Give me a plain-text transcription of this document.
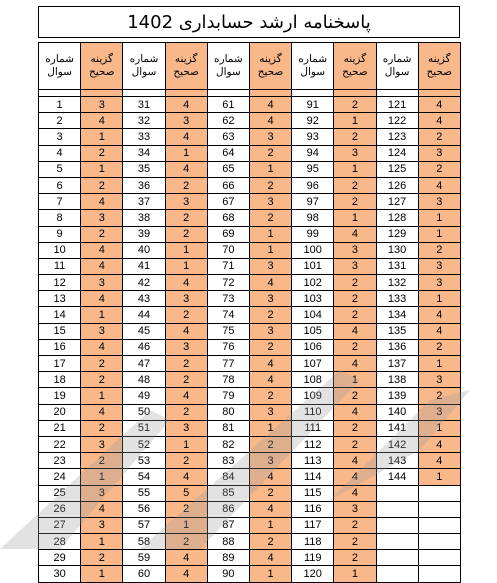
پاسخنامه ارشد حسابداری 1402
شماره سوال	گزینه صحیح	شماره سوال	گزینه صحیح	شماره سوال	گزینه صحیح	شماره سوال	گزینه صحیح	شماره سوال	گزینه صحیح

1	3	31	4	61	4	91	2	121	4
2	4	32	3	62	4	92	1	122	4
3	1	33	4	63	3	93	2	123	2
4	2	34	1	64	2	94	3	124	3
5	1	35	4	65	1	95	1	125	2
6	2	36	2	66	2	96	2	126	4
7	4	37	3	67	3	97	2	127	3
8	3	38	2	68	2	98	1	128	1
9	2	39	2	69	1	99	4	129	1
10	4	40	1	70	1	100	3	130	2
11	4	41	1	71	3	101	3	131	3
12	3	42	4	72	4	102	2	132	3
13	4	43	3	73	3	103	2	133	1
14	1	44	2	74	2	104	2	134	4
15	3	45	4	75	3	105	4	135	4
16	4	46	3	76	2	106	2	136	2
17	2	47	2	77	4	107	4	137	1
18	2	48	2	78	4	108	1	138	3
19	1	49	4	79	2	109	2	139	2
20	4	50	2	80	3	110	4	140	3
21	2	51	3	81	1	111	2	141	1
22	3	52	1	82	2	112	2	142	4
23	2	53	2	83	3	113	4	143	4
24	1	54	4	84	4	114	4	144	1
25	3	55	5	85	2	115	4		
26	4	56	2	86	4	116	3		
27	3	57	1	87	1	117	2		
28	1	58	2	88	2	118	2		
29	2	59	4	89	4	119	2		
30	1	60	4	90	1	120	1		
